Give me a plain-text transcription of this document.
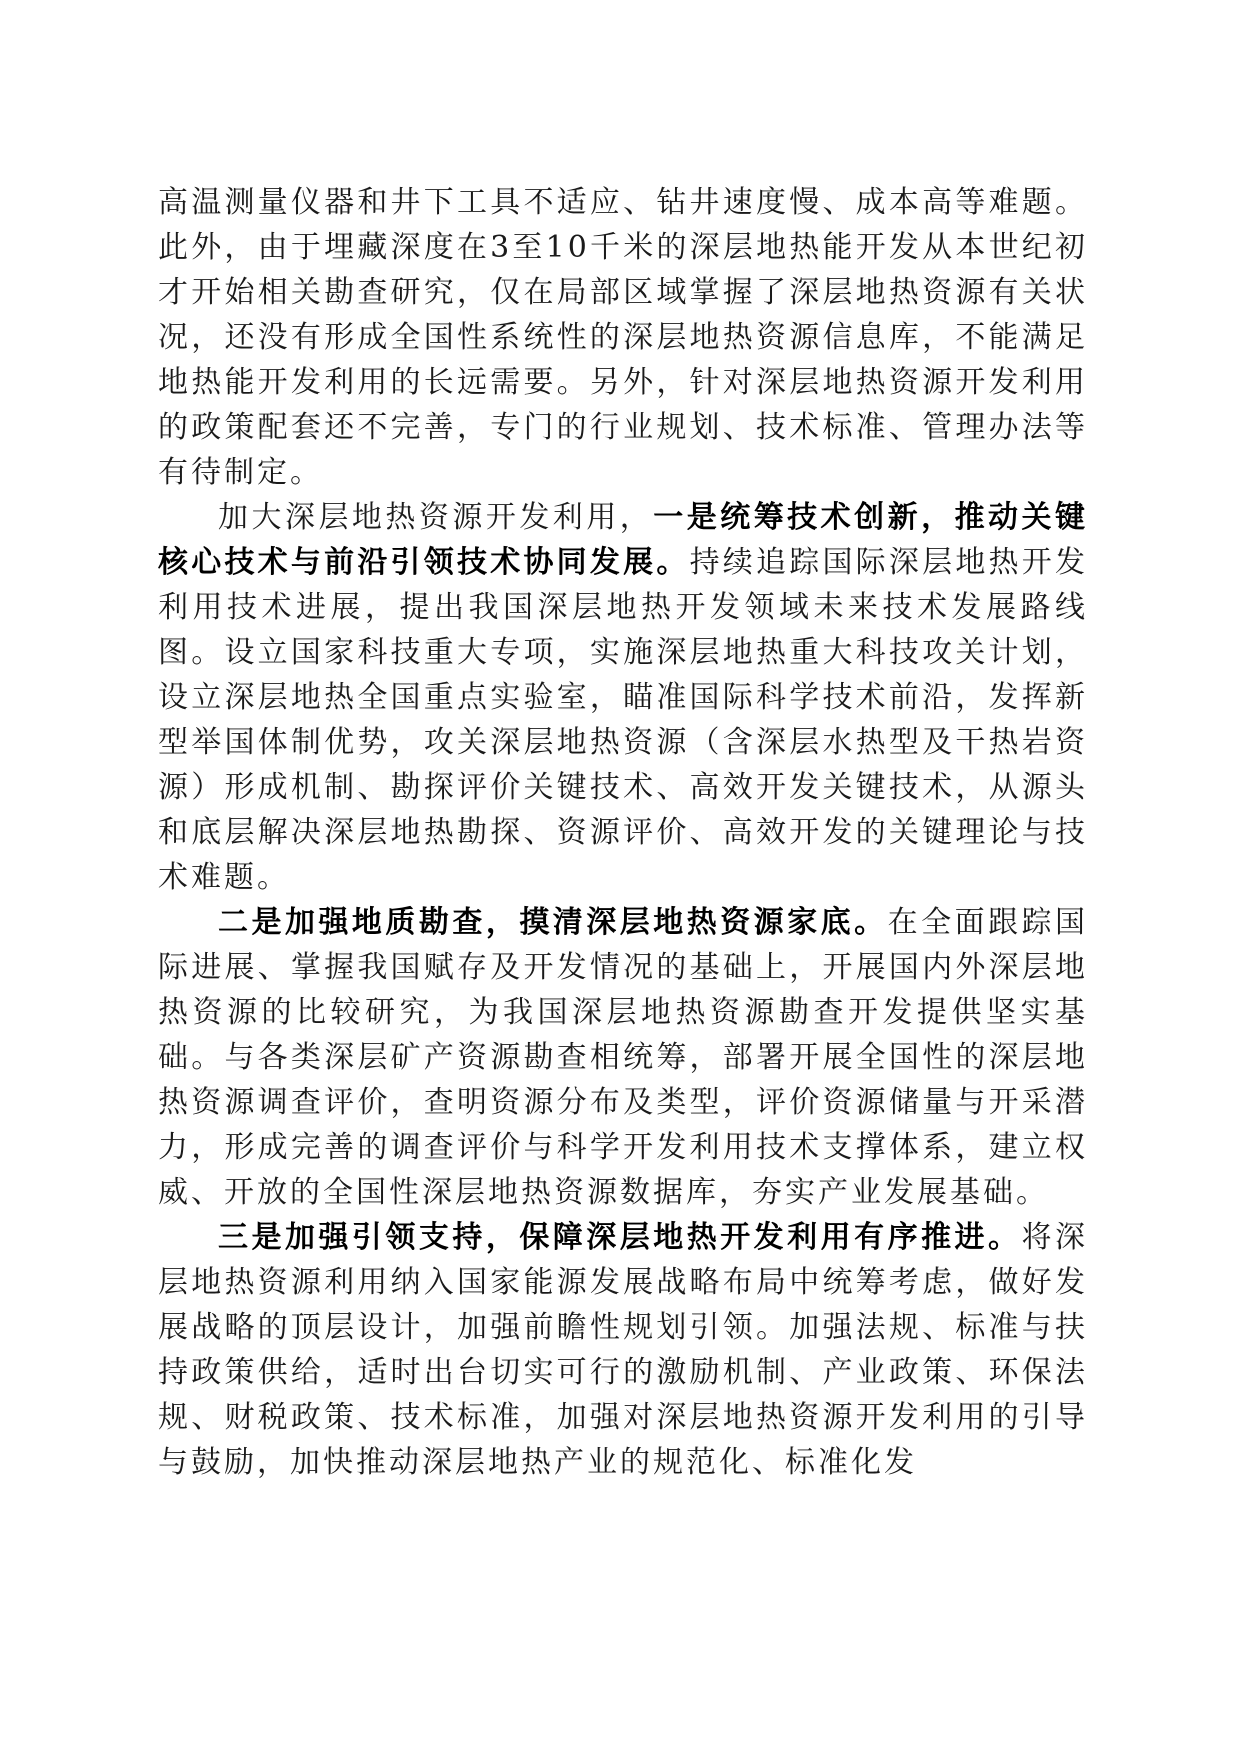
高温测量仪器和井下工具不适应、钻井速度慢、成本高等难题。此外，由于埋藏深度在3至10千米的深层地热能开发从本世纪初才开始相关勘查研究，仅在局部区域掌握了深层地热资源有关状况，还没有形成全国性系统性的深层地热资源信息库，不能满足地热能开发利用的长远需要。另外，针对深层地热资源开发利用的政策配套还不完善，专门的行业规划、技术标准、管理办法等有待制定。

加大深层地热资源开发利用，一是统筹技术创新，推动关键核心技术与前沿引领技术协同发展。持续追踪国际深层地热开发利用技术进展，提出我国深层地热开发领域未来技术发展路线图。设立国家科技重大专项，实施深层地热重大科技攻关计划，设立深层地热全国重点实验室，瞄准国际科学技术前沿，发挥新型举国体制优势，攻关深层地热资源（含深层水热型及干热岩资源）形成机制、勘探评价关键技术、高效开发关键技术，从源头和底层解决深层地热勘探、资源评价、高效开发的关键理论与技术难题。

二是加强地质勘查，摸清深层地热资源家底。在全面跟踪国际进展、掌握我国赋存及开发情况的基础上，开展国内外深层地热资源的比较研究，为我国深层地热资源勘查开发提供坚实基础。与各类深层矿产资源勘查相统筹，部署开展全国性的深层地热资源调查评价，查明资源分布及类型，评价资源储量与开采潜力，形成完善的调查评价与科学开发利用技术支撑体系，建立权威、开放的全国性深层地热资源数据库，夯实产业发展基础。

三是加强引领支持，保障深层地热开发利用有序推进。将深层地热资源利用纳入国家能源发展战略布局中统筹考虑，做好发展战略的顶层设计，加强前瞻性规划引领。加强法规、标准与扶持政策供给，适时出台切实可行的激励机制、产业政策、环保法规、财税政策、技术标准，加强对深层地热资源开发利用的引导与鼓励，加快推动深层地热产业的规范化、标准化发
